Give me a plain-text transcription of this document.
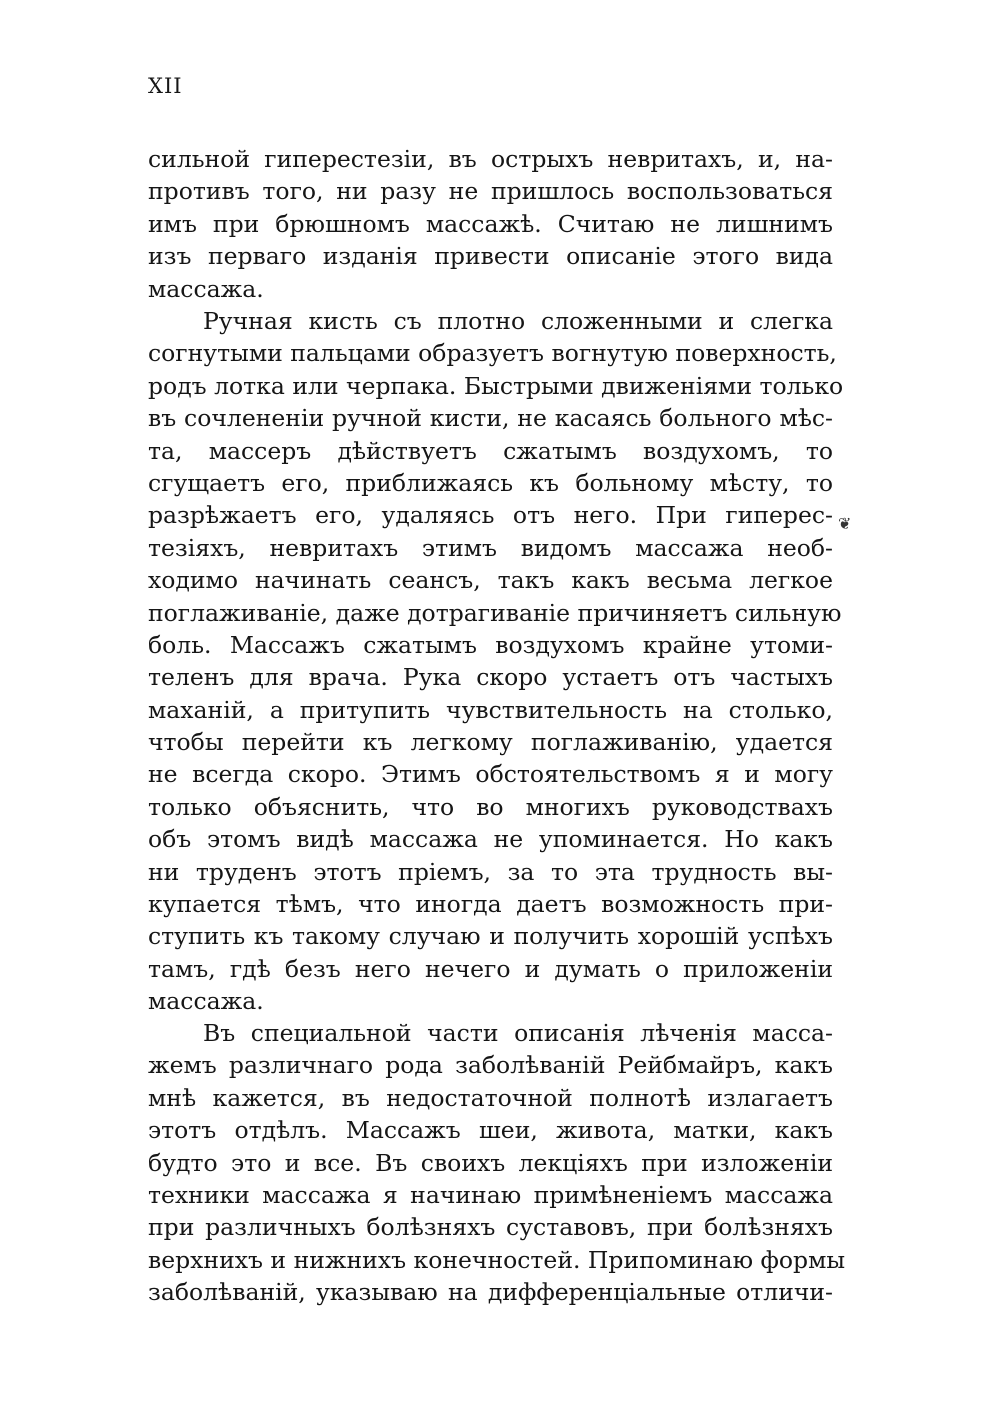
XII
❦
сильной гиперестезіи, въ острыхъ невритахъ, и, на-
противъ того, ни разу не пришлось воспользоваться
имъ при брюшномъ массажѣ. Считаю не лишнимъ
изъ перваго изданія привести описаніе этого вида
массажа.
Ручная кисть съ плотно сложенными и слегка
согнутыми пальцами образуетъ вогнутую поверхность,
родъ лотка или черпака. Быстрыми движеніями только
въ сочлененіи ручной кисти, не касаясь больного мѣс-
та, массеръ дѣйствуетъ сжатымъ воздухомъ, то
сгущаетъ его, приближаясь къ больному мѣсту, то
разрѣжаетъ его, удаляясь отъ него. При гиперес-
тезіяхъ, невритахъ этимъ видомъ массажа необ-
ходимо начинать сеансъ, такъ какъ весьма легкое
поглаживаніе, даже дотрагиваніе причиняетъ сильную
боль. Массажъ сжатымъ воздухомъ крайне утоми-
теленъ для врача. Рука скоро устаетъ отъ частыхъ
маханій, а притупить чувствительность на столько,
чтобы перейти къ легкому поглаживанію, удается
не всегда скоро. Этимъ обстоятельствомъ я и могу
только объяснить, что во многихъ руководствахъ
объ этомъ видѣ массажа не упоминается. Но какъ
ни труденъ этотъ пріемъ, за то эта трудность вы-
купается тѣмъ, что иногда даетъ возможность при-
ступить къ такому случаю и получить хорошій успѣхъ
тамъ, гдѣ безъ него нечего и думать о приложеніи
массажа.
Въ специальной части описанія лѣченія масса-
жемъ различнаго рода заболѣваній Рейбмайръ, какъ
мнѣ кажется, въ недостаточной полнотѣ излагаетъ
этотъ отдѣлъ. Массажъ шеи, живота, матки, какъ
будто это и все. Въ своихъ лекціяхъ при изложеніи
техники массажа я начинаю примѣненіемъ массажа
при различныхъ болѣзняхъ суставовъ, при болѣзняхъ
верхнихъ и нижнихъ конечностей. Припоминаю формы
заболѣваній, указываю на дифференціальные отличи-
